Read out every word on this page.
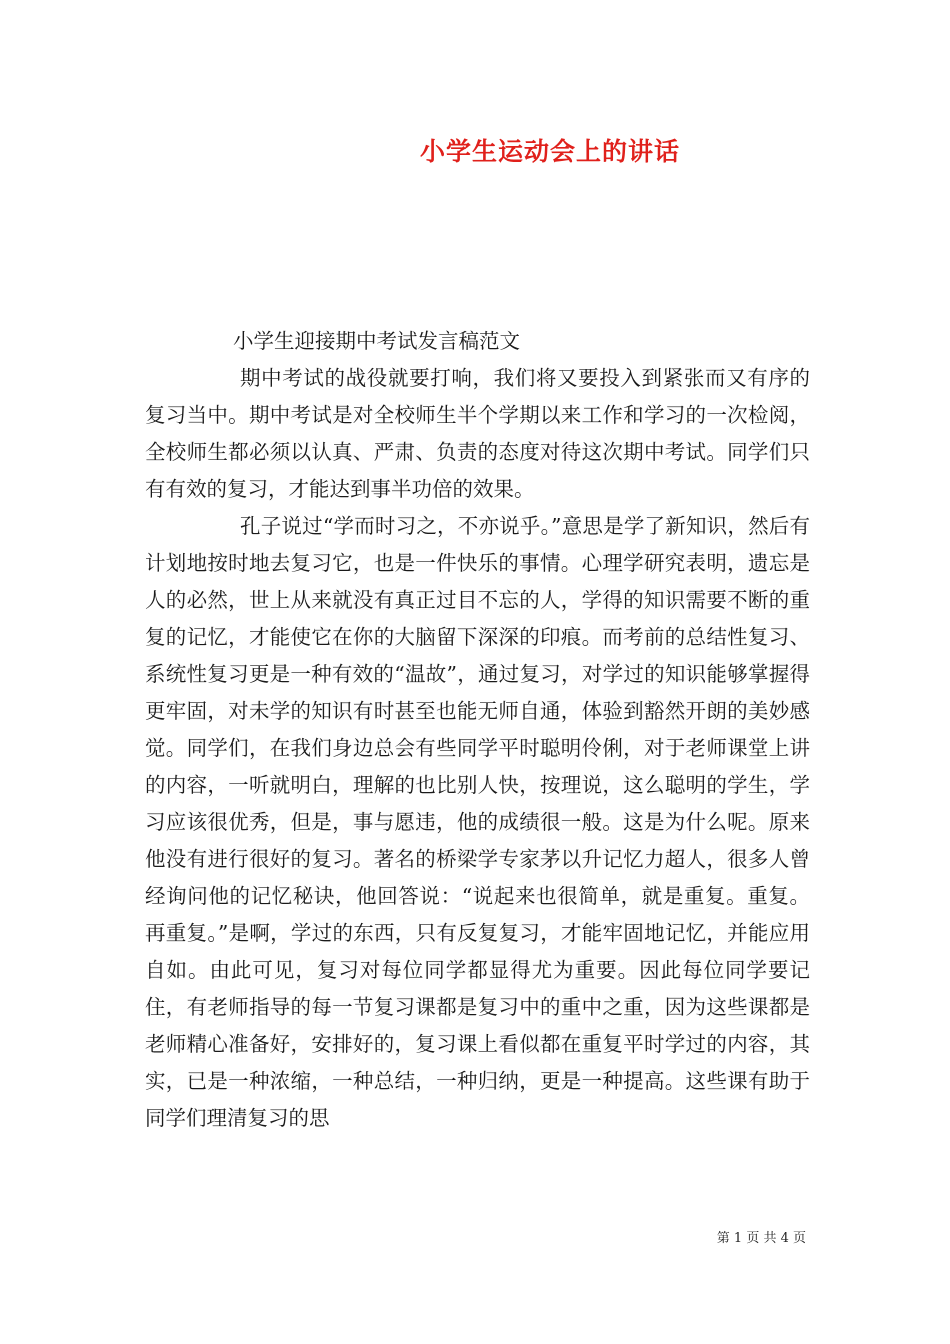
小学生运动会上的讲话

小学生迎接期中考试发言稿范文

期中考试的战役就要打响，我们将又要投入到紧张而又有序的复习当中。期中考试是对全校师生半个学期以来工作和学习的一次检阅，全校师生都必须以认真、严肃、负责的态度对待这次期中考试。同学们只有有效的复习，才能达到事半功倍的效果。

孔子说过“学而时习之，不亦说乎。”意思是学了新知识，然后有计划地按时地去复习它，也是一件快乐的事情。心理学研究表明，遗忘是人的必然，世上从来就没有真正过目不忘的人，学得的知识需要不断的重复的记忆，才能使它在你的大脑留下深深的印痕。而考前的总结性复习、系统性复习更是一种有效的“温故”，通过复习，对学过的知识能够掌握得更牢固，对未学的知识有时甚至也能无师自通，体验到豁然开朗的美妙感觉。同学们，在我们身边总会有些同学平时聪明伶俐，对于老师课堂上讲的内容，一听就明白，理解的也比别人快，按理说，这么聪明的学生，学习应该很优秀，但是，事与愿违，他的成绩很一般。这是为什么呢。原来他没有进行很好的复习。著名的桥梁学专家茅以升记忆力超人，很多人曾经询问他的记忆秘诀，他回答说：“说起来也很简单，就是重复。重复。再重复。”是啊，学过的东西，只有反复复习，才能牢固地记忆，并能应用自如。由此可见，复习对每位同学都显得尤为重要。因此每位同学要记住，有老师指导的每一节复习课都是复习中的重中之重，因为这些课都是老师精心准备好，安排好的，复习课上看似都在重复平时学过的内容，其实，已是一种浓缩，一种总结，一种归纳，更是一种提高。这些课有助于同学们理清复习的思

第 1 页 共 4 页
